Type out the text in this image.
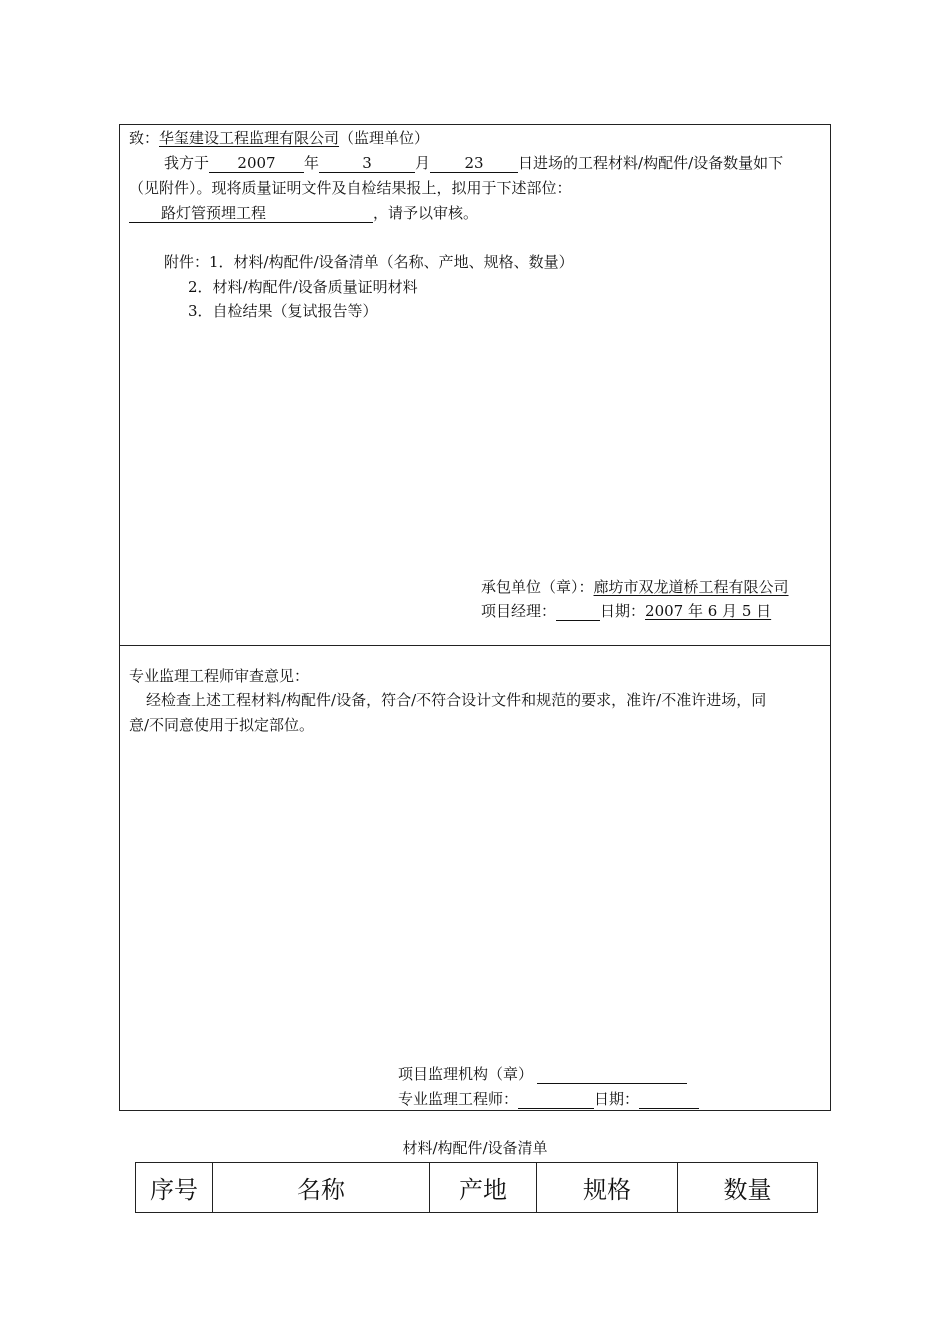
致：华玺建设工程监理有限公司（监理单位）
我方于 2007 年	3	月 23 日进场的工程材料/构配件/设备数量如下
（见附件）。现将质量证明文件及自检结果报上，拟用于下述部位：
路灯管预埋工程	，请予以审核。
附件：1．材料/构配件/设备清单（名称、产地、规格、数量）
2．材料/构配件/设备质量证明材料
3．自检结果（复试报告等）
承包单位（章）：廊坊市双龙道桥工程有限公司
项目经理：	日期：2007 年 6 月 5 日
专业监理工程师审查意见：
经检查上述工程材料/构配件/设备，符合/不符合设计文件和规范的要求，准许/不准许进场，同
意/不同意使用于拟定部位。
项目监理机构（章）
专业监理工程师：	日期：
材料/构配件/设备清单
序号	名称	产地	规格	数量
